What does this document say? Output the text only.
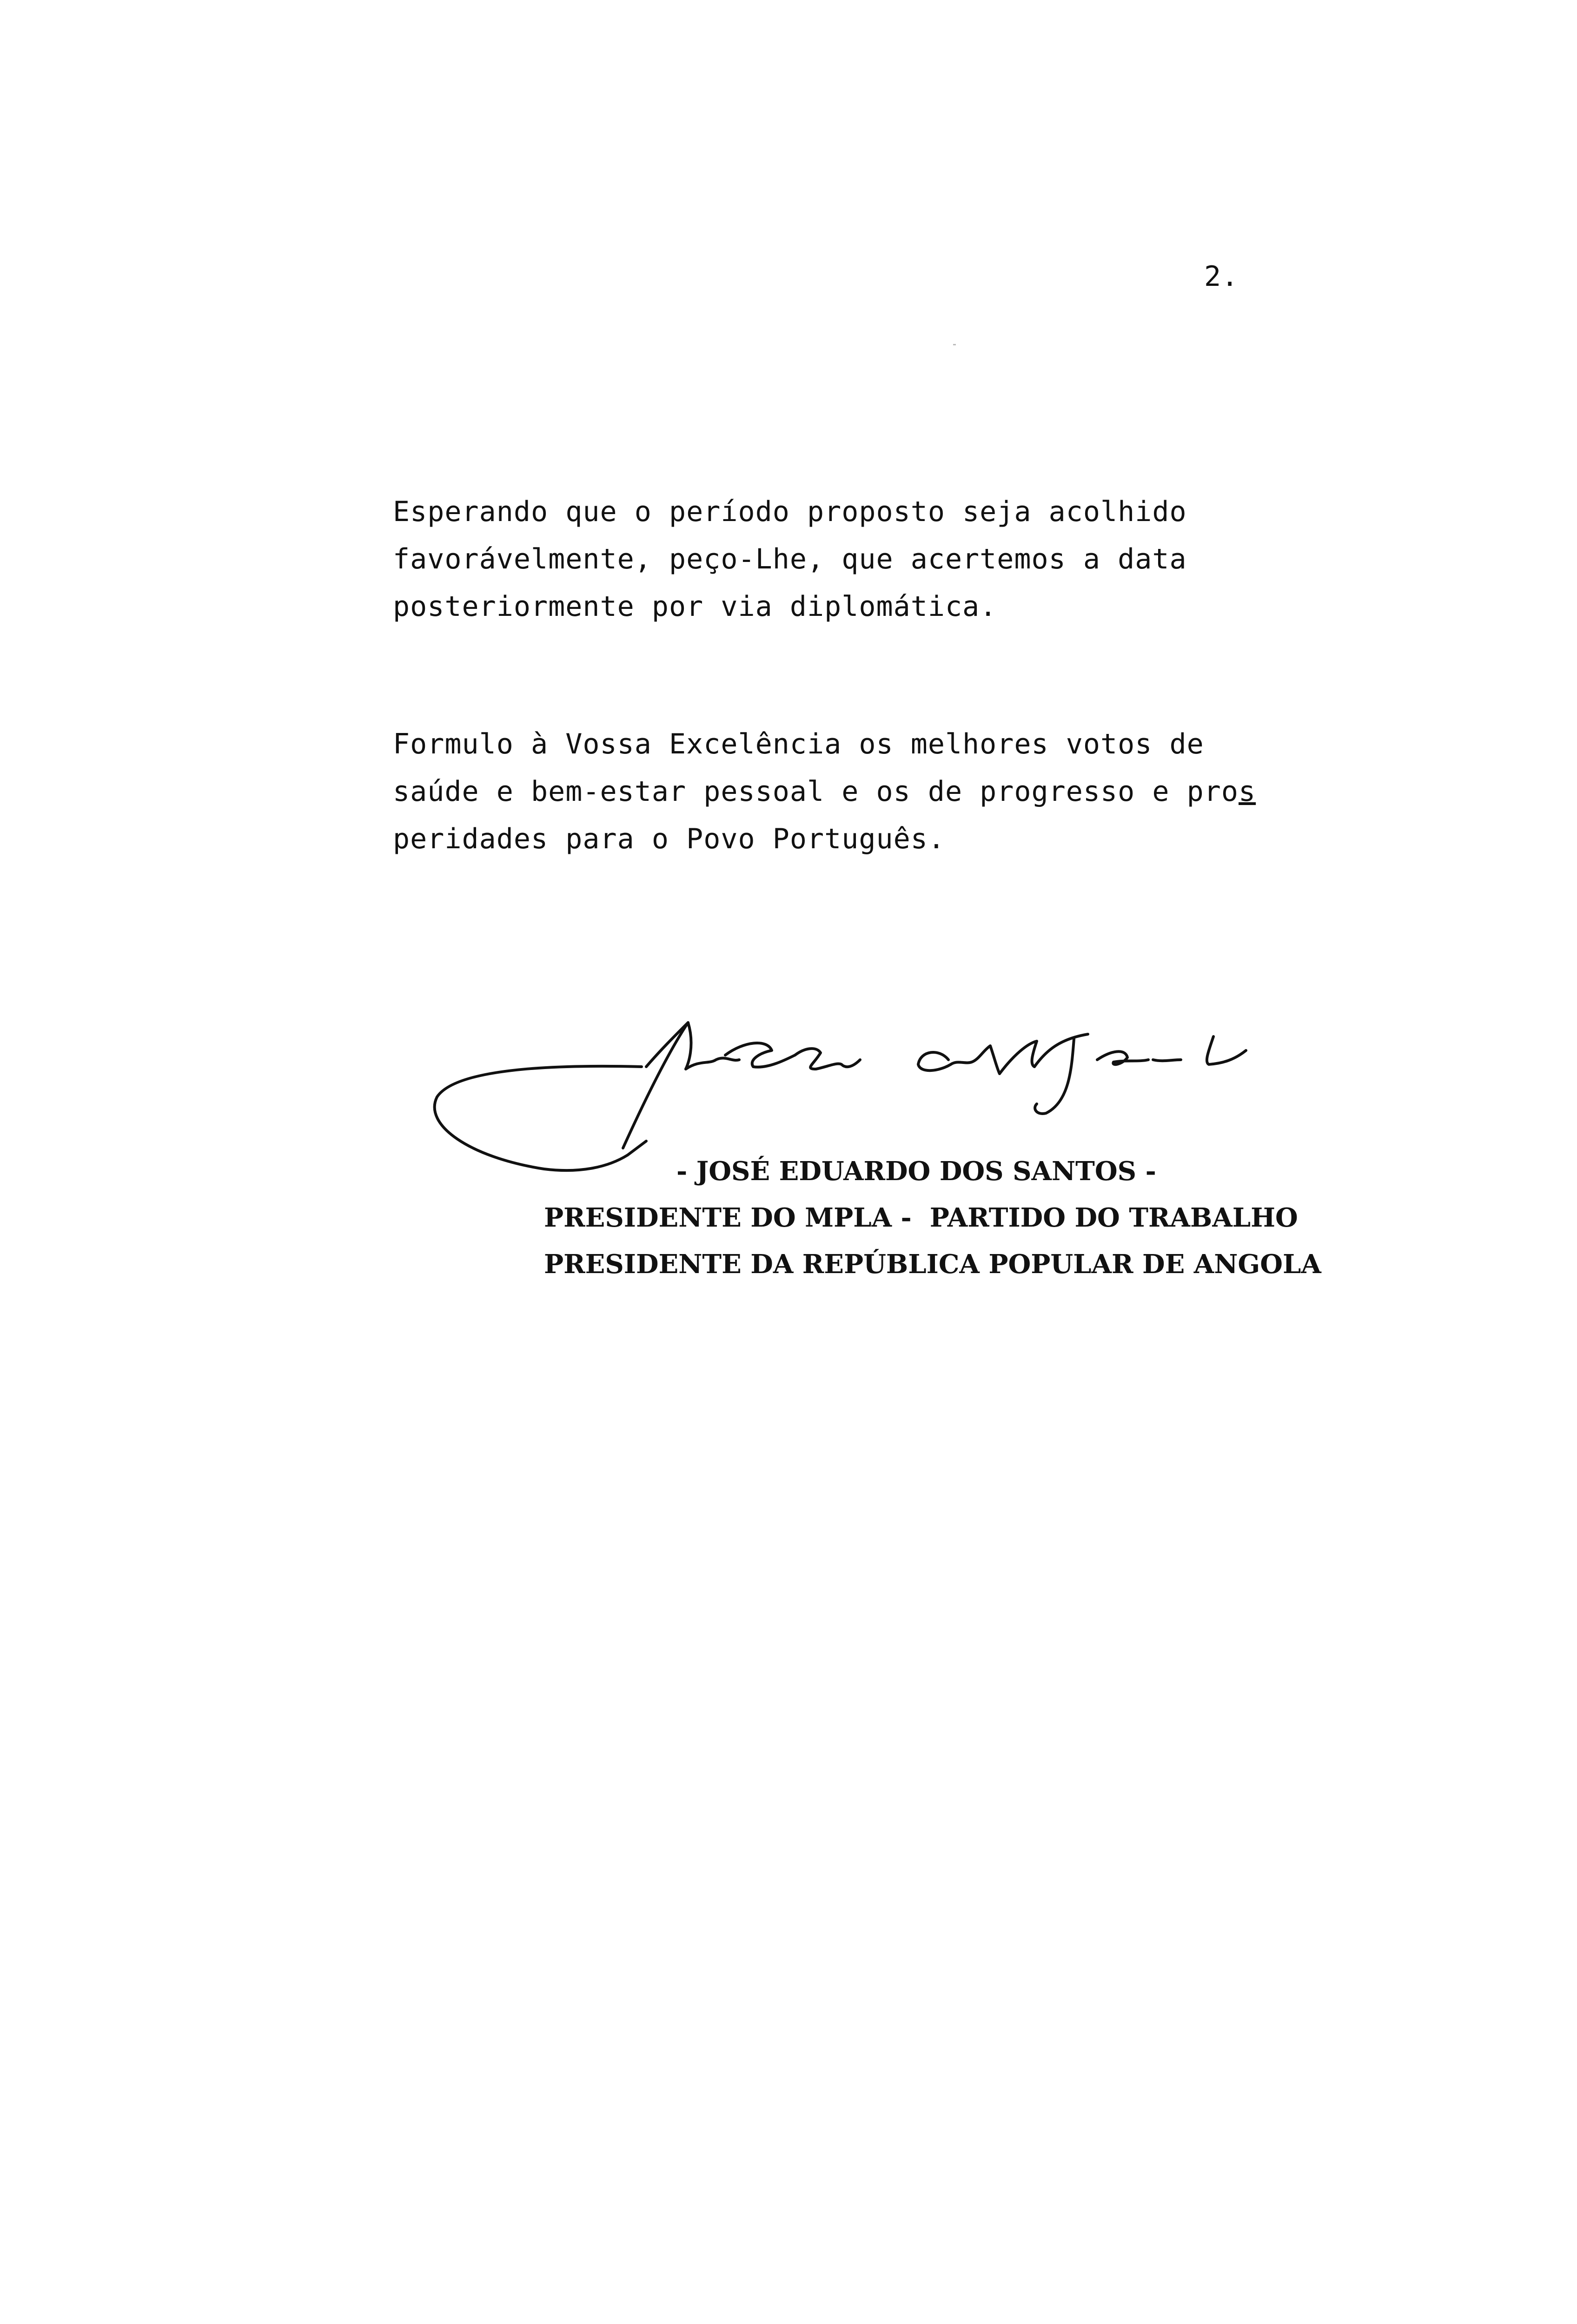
2.
Esperando que o período proposto seja acolhido
favorávelmente, peço-Lhe, que acertemos a data
posteriormente por via diplomática.
Formulo à Vossa Excelência os melhores votos de
saúde e bem-estar pessoal e os de progresso e pros
peridades para o Povo Português.
- JOSÉ EDUARDO DOS SANTOS -
PRESIDENTE DO MPLA -  PARTIDO DO TRABALHO
PRESIDENTE DA REPÚBLICA POPULAR DE ANGOLA
